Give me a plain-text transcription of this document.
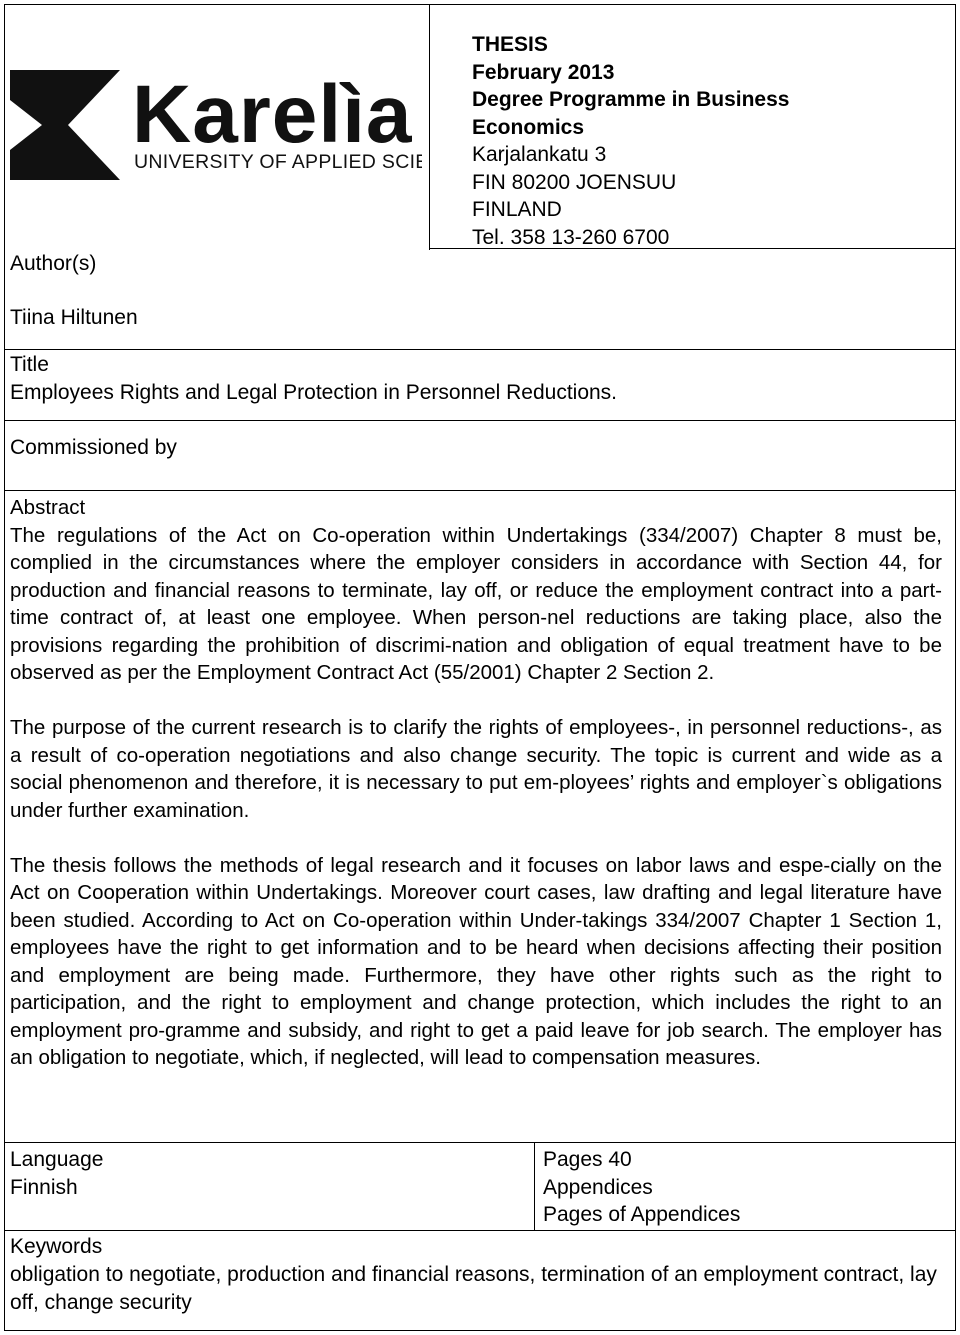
Karelìa
UNIVERSITY OF APPLIED SCI
THESIS
February 2013
Degree Programme in Business
Economics
Karjalankatu 3
FIN 80200 JOENSUU
FINLAND
Tel. 358 13-260 6700
Author(s)
Tiina Hiltunen
Title
Employees Rights and Legal Protection in Personnel Reductions.
Commissioned by
Abstract

The regulations of the Act on Co-operation within Undertakings (334/2007) Chapter 8 must be, complied in the circumstances where the employer considers in accordance with Section 44, for production and financial reasons to terminate, lay off, or reduce the employment contract into a part-time contract of, at least one employee. When person-nel reductions are taking place, also the provisions regarding the prohibition of discrimi-nation and obligation of equal treatment have to be observed as per the Employment Contract Act (55/2001) Chapter 2 Section 2.

The purpose of the current research is to clarify the rights of employees-, in personnel reductions-, as a result of co-operation negotiations and also change security. The topic is current and wide as a social phenomenon and therefore, it is necessary to put em-ployees’ rights and employer`s obligations under further examination.

The thesis follows the methods of legal research and it focuses on labor laws and espe-cially on the Act on Cooperation within Undertakings. Moreover court cases, law drafting and legal literature have been studied. According to Act on Co-operation within Under-takings 334/2007 Chapter 1 Section 1, employees have the right to get information and to be heard when decisions affecting their position and employment are being made. Furthermore, they have other rights such as the right to participation, and the right to employment and change protection, which includes the right to an employment pro-gramme and subsidy, and right to get a paid leave for job search. The employer has an obligation to negotiate, which, if neglected, will lead to compensation measures.

Language
Finnish
Pages 40
Appendices
Pages of Appendices
Keywords
obligation to negotiate, production and financial reasons, termination of an employment contract, lay off, change security
